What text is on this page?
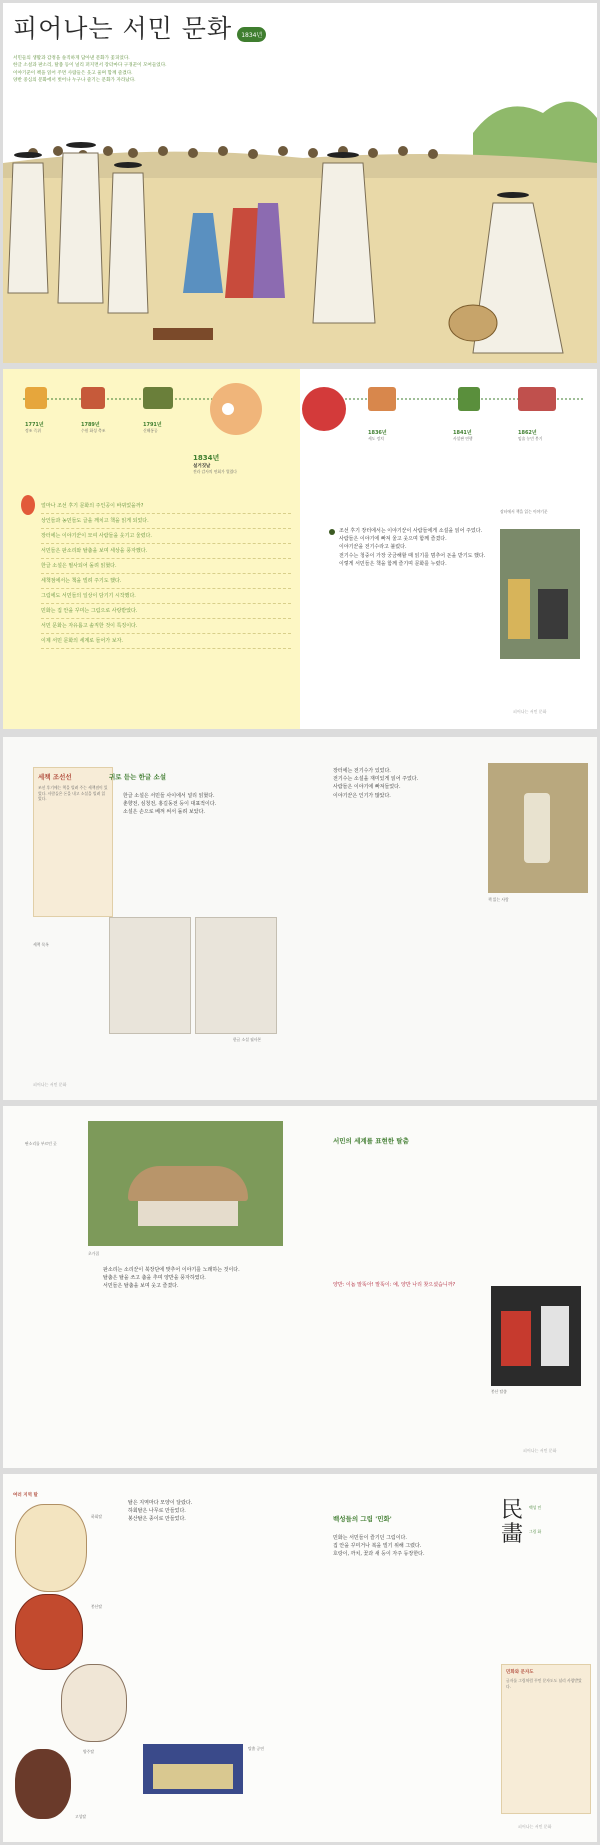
피어나는 서민 문화 1834년
서민들의 생활과 감정을 솔직하게 담아낸 문화가 꽃피었다.
한글 소설과 판소리, 탈춤 등이 널리 퍼지면서 장터마다 구경꾼이 모여들었다.
이야기꾼이 책을 읽어 주면 사람들은 웃고 울며 함께 즐겼다.
양반 중심의 문화에서 벗어나 누구나 즐기는 문화가 자라났다.
1771년
정조 즉위
1789년
수원 화성 축조
1791년
신해통공
1834년
설거짓날
전라 감사의 연회가 열렸다
1836년
세도 정치
1841년
사설판 연행
1862년
임술 농민 봉기
얼마나 조선 후기 문화의 주인공이 바뀌었을까?
상인들과 농민들도 글을 깨치고 책을 읽게 되었다.
장터에는 이야기꾼이 모여 사람들을 웃기고 울렸다.
서민들은 판소리와 탈춤을 보며 세상을 풍자했다.
한글 소설은 필사되어 돌려 읽혔다.
세책점에서는 책을 빌려 주기도 했다.
그림에도 서민들의 일상이 담기기 시작했다.
민화는 집 안을 꾸미는 그림으로 사랑받았다.
서민 문화는 자유롭고 솔직한 것이 특징이다.
이제 서민 문화의 세계로 들어가 보자.

조선 후기 장터에서는 이야기꾼이 사람들에게 소설을 읽어 주었다.

사람들은 이야기에 빠져 울고 웃으며 함께 즐겼다.

이야기꾼을 전기수라고 불렀다.

전기수는 청중이 가장 궁금해할 때 읽기를 멈추어 돈을 받기도 했다.

이렇게 서민들은 책을 함께 즐기며 문화를 누렸다.

장터에서 책을 읽는 이야기꾼
피어나는 서민 문화
세책 조선선
조선 후기에는 책을 빌려 주는 세책점이 있었다. 사람들은 돈을 내고 소설을 빌려 읽었다.
세책 목록
귀로 듣는 한글 소설

한글 소설은 서민들 사이에서 널리 읽혔다.

춘향전, 심청전, 홍길동전 등이 대표적이다.

소설은 손으로 베껴 써서 돌려 보았다.

한글 소설 필사본

장터에는 전기수가 있었다.

전기수는 소설을 재미있게 읽어 주었다.

사람들은 이야기에 빠져들었다.

이야기꾼은 인기가 많았다.

책 읽는 사람
피어나는 서민 문화
판소리를 부르던 곳
초가집

판소리는 소리꾼이 북장단에 맞추어 이야기를 노래하는 것이다.

탈춤은 탈을 쓰고 춤을 추며 양반을 풍자하였다.

서민들은 탈춤을 보며 웃고 즐겼다.

서민의 세계를 표현한 탈춤
양반: 이놈 말뚝아! 말뚝이: 예, 양반 나리 찾으셨습니까?
봉산 탈춤
피어나는 서민 문화
여러 지역 탈
하회탈
봉산탈
양주탈
고성탈

탈은 지역마다 모양이 달랐다.

하회탈은 나무로 만들었다.

봉산탈은 종이로 만들었다.

탈춤 공연
백성들의 그림 '민화'

민화는 서민들이 즐기던 그림이다.

집 안을 꾸미거나 복을 빌기 위해 그렸다.

호랑이, 까치, 꽃과 새 등이 자주 등장한다.

民
畵
백성 민
그림 화
민화와 문자도
글자를 그림처럼 꾸민 문자도도 널리 사랑받았다.
피어나는 서민 문화
